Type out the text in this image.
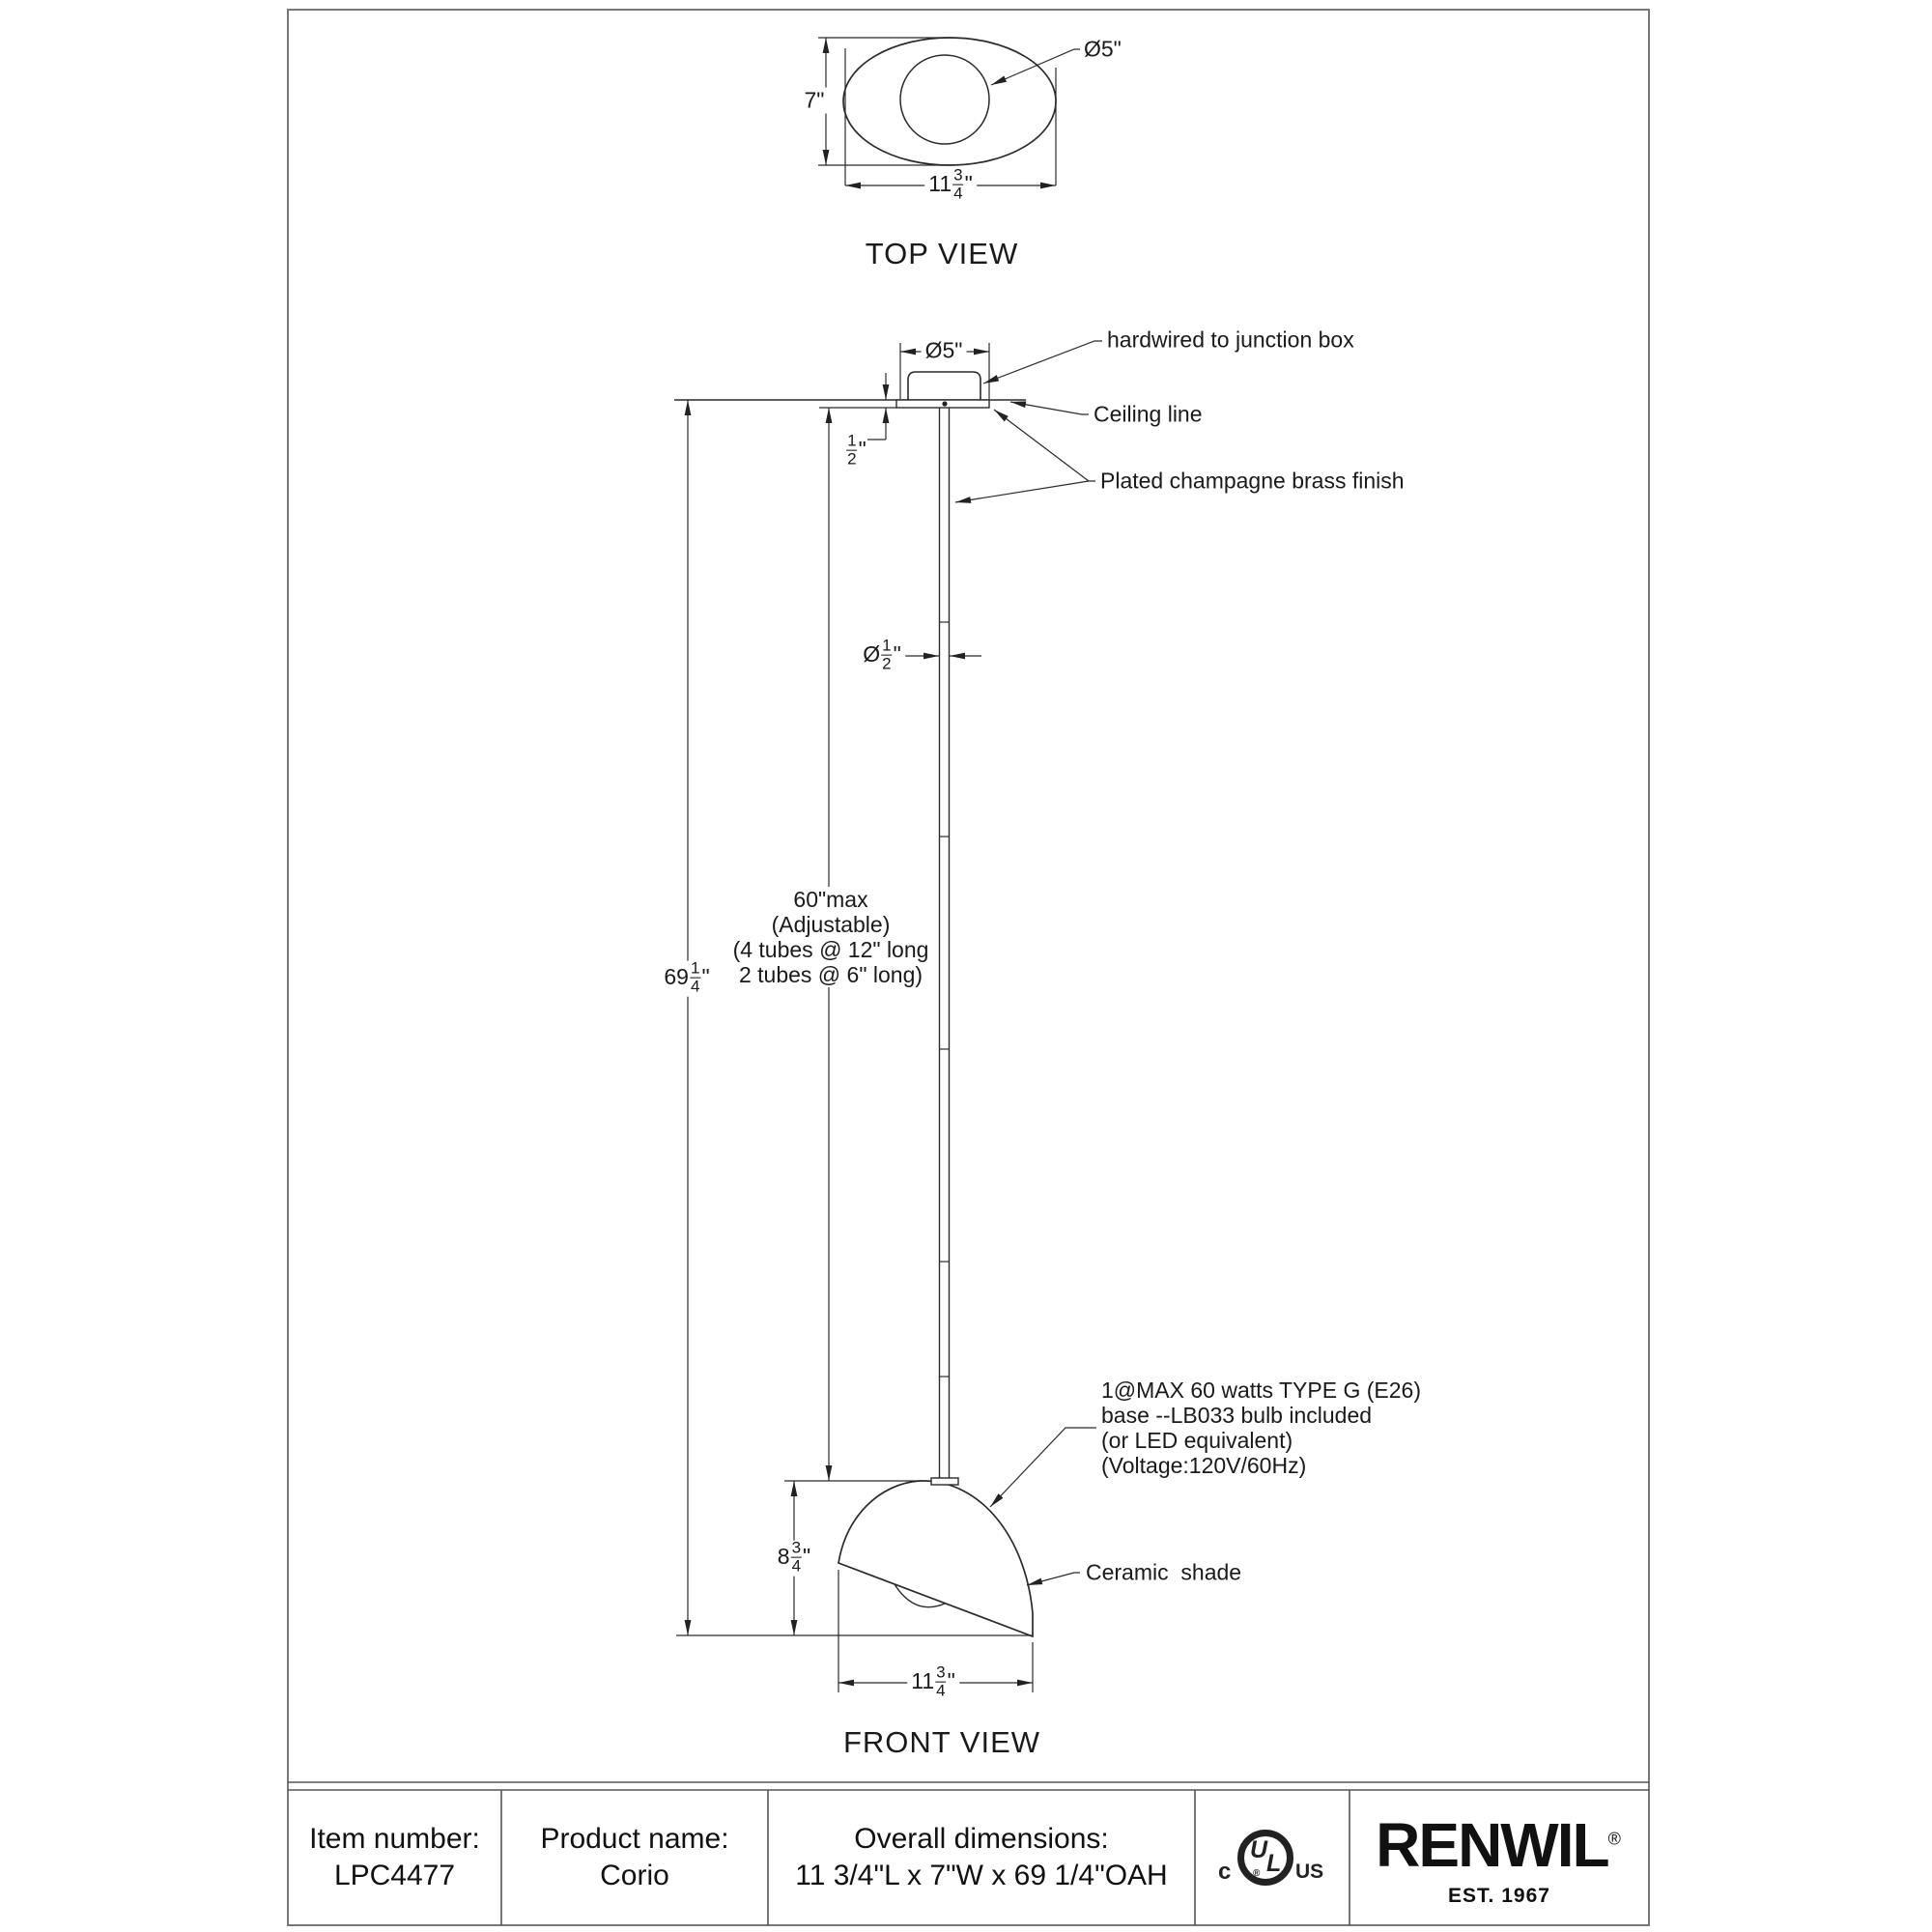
7"
$11 \frac{3}{4}$ "
Ø5"
TOP VIEW
Ø5"	hardwired to junction box
Ceiling line
Plated champagne brass finish
$\frac{1}{2}$ "
Ø $\frac{1}{2}$ "
60"max
(Adjustable)
(4 tubes @ 12" long
2 tubes @ 6" long)
$69 \frac{1}{4}$ "
1@MAX 60 watts TYPE G (E26)
base --LB033 bulb included
(or LED equivalent)
(Voltage:120V/60Hz)
$8 \frac{3}{4}$ "
Ceramic  shade
$11 \frac{3}{4}$ "
FRONT VIEW
Item number:
LPC4477
Product name:
Corio
Overall dimensions:
11 3/4"L x 7"W x 69 1/4"OAH
U
L
®
c	US RENWIL®
EST. 1967
